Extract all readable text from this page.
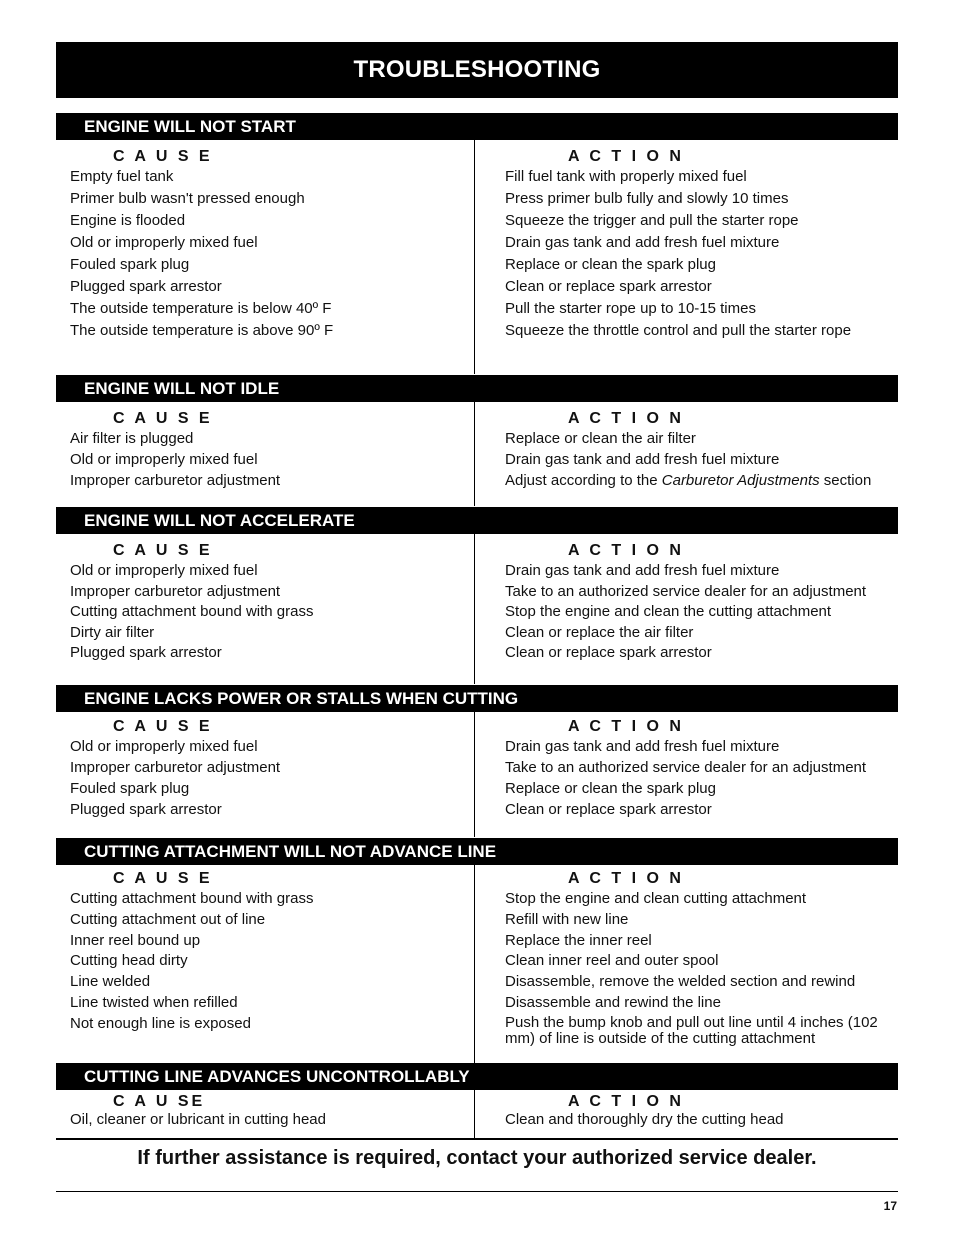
TROUBLESHOOTING
ENGINE WILL NOT START
C A U S E
Empty fuel tank
Primer bulb wasn't pressed enough
Engine is flooded
Old or improperly mixed fuel
Fouled spark plug
Plugged spark arrestor
The outside temperature is below 40º F
The outside temperature is above 90º F
A C T I O N
Fill fuel tank with properly mixed fuel
Press primer bulb fully and slowly 10 times
Squeeze the trigger and pull the starter rope
Drain gas tank and add fresh fuel mixture
Replace or clean the spark plug
Clean or replace spark arrestor
Pull the starter rope up to 10-15 times
Squeeze the throttle control and pull the starter rope
ENGINE WILL NOT IDLE
C A U S E
Air filter is plugged
Old or improperly mixed fuel
Improper carburetor adjustment
A C T I O N
Replace or clean the air filter
Drain gas tank and add fresh fuel mixture
Adjust according to the Carburetor Adjustments section
ENGINE WILL NOT ACCELERATE
C A U S E
Old or improperly mixed fuel
Improper carburetor adjustment
Cutting attachment bound with grass
Dirty air filter
Plugged spark arrestor
A C T I O N
Drain gas tank and add fresh fuel mixture
Take to an authorized service dealer for an adjustment
Stop the engine and clean the cutting attachment
Clean or replace the air filter
Clean or replace spark arrestor
ENGINE LACKS POWER OR STALLS WHEN CUTTING
C A U S E
Old or improperly mixed fuel
Improper carburetor adjustment
Fouled spark plug
Plugged spark arrestor
A C T I O N
Drain gas tank and add fresh fuel mixture
Take to an authorized service dealer for an adjustment
Replace or clean the spark plug
Clean or replace spark arrestor
CUTTING ATTACHMENT WILL NOT ADVANCE LINE
C A U S E
Cutting attachment bound with grass
Cutting attachment out of line
Inner reel bound up
Cutting head dirty
Line welded
Line twisted when refilled
Not enough line is exposed
A C T I O N
Stop the engine and clean cutting attachment
Refill with new line
Replace the inner reel
Clean inner reel and outer spool
Disassemble, remove the welded section and rewind
Disassemble and rewind the line
Push the bump knob and pull out line until 4 inches (102 mm) of line is outside of the cutting attachment
CUTTING LINE ADVANCES UNCONTROLLABLY
C A U SE
Oil, cleaner or lubricant in cutting head
A C T I O N
Clean and thoroughly dry the cutting head
If further assistance is required, contact your authorized service dealer.
17
